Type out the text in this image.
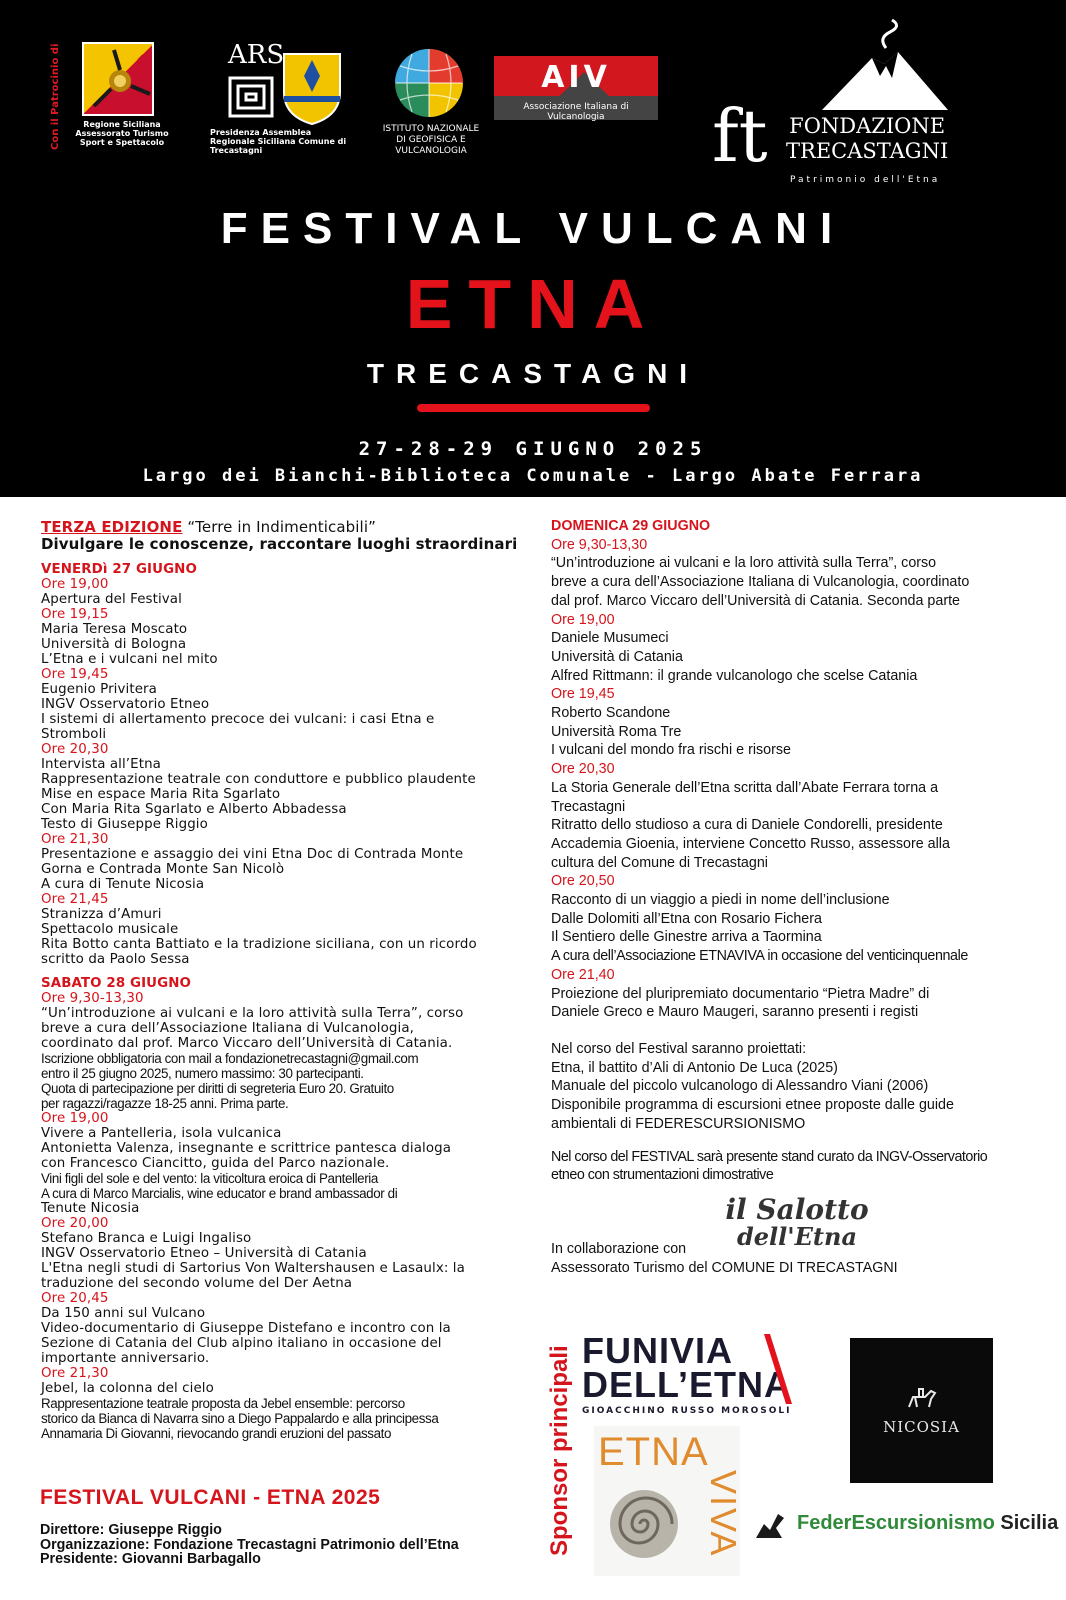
Con il Patrocinio di	Regione Siciliana
Assessorato Turismo
Sport e Spettacolo
ARS
Presidenza Assemblea
Regionale Siciliana Comune di Trecastagni
ISTITUTO NAZIONALE
DI GEOFISICA E VULCANOLOGIA
AIV
Associazione Italiana di Vulcanologia	ft FONDAZIONE
TRECASTAGNI
Patrimonio dell'Etna
FESTIVAL VULCANI
ETNA
TRECASTAGNI
27-28-29 GIUGNO 2025
Largo dei Bianchi-Biblioteca Comunale - Largo Abate Ferrara
TERZA EDIZIONE “Terre in Indimenticabili”
Divulgare le conoscenze, raccontare luoghi straordinari
VENERDì 27 GIUGNO
Ore 19,00
Apertura del Festival
Ore 19,15
Maria Teresa Moscato
Università di Bologna
L’Etna e i vulcani nel mito
Ore 19,45
Eugenio Privitera
INGV Osservatorio Etneo
I sistemi di allertamento precoce dei vulcani: i casi Etna e
Stromboli
Ore 20,30
Intervista all’Etna
Rappresentazione teatrale con conduttore e pubblico plaudente
Mise en espace Maria Rita Sgarlato
Con Maria Rita Sgarlato e Alberto Abbadessa
Testo di Giuseppe Riggio
Ore 21,30
Presentazione e assaggio dei vini Etna Doc di Contrada Monte
Gorna e Contrada Monte San Nicolò
A cura di Tenute Nicosia
Ore 21,45
Stranizza d’Amuri
Spettacolo musicale
Rita Botto canta Battiato e la tradizione siciliana, con un ricordo
scritto da Paolo Sessa
SABATO 28 GIUGNO
Ore 9,30-13,30
“Un’introduzione ai vulcani e la loro attività sulla Terra”, corso
breve a cura dell’Associazione Italiana di Vulcanologia,
coordinato dal prof. Marco Viccaro dell’Università di Catania.
Iscrizione obbligatoria con mail a fondazionetrecastagni@gmail.com
entro il 25 giugno 2025, numero massimo: 30 partecipanti.
Quota di partecipazione per diritti di segreteria Euro 20. Gratuito
per ragazzi/ragazze 18-25 anni. Prima parte.
Ore 19,00
Vivere a Pantelleria, isola vulcanica
Antonietta Valenza, insegnante e scrittrice pantesca dialoga
con Francesco Ciancitto, guida del Parco nazionale.
Vini figli del sole e del vento: la viticoltura eroica di Pantelleria
A cura di Marco Marcialis, wine educator e brand ambassador di
Tenute Nicosia
Ore 20,00
Stefano Branca e Luigi Ingaliso
INGV Osservatorio Etneo – Università di Catania
L'Etna negli studi di Sartorius Von Waltershausen e Lasaulx: la
traduzione del secondo volume del Der Aetna
Ore 20,45
Da 150 anni sul Vulcano
Video-documentario di Giuseppe Distefano e incontro con la
Sezione di Catania del Club alpino italiano in occasione del
importante anniversario.
Ore 21,30
Jebel, la colonna del cielo
Rappresentazione teatrale proposta da Jebel ensemble: percorso
storico da Bianca di Navarra sino a Diego Pappalardo e alla principessa
Annamaria Di Giovanni, rievocando grandi eruzioni del passato
DOMENICA 29 GIUGNO
Ore 9,30-13,30
“Un’introduzione ai vulcani e la loro attività sulla Terra”, corso
breve a cura dell’Associazione Italiana di Vulcanologia, coordinato
dal prof. Marco Viccaro dell’Università di Catania. Seconda parte
Ore 19,00
Daniele Musumeci
Università di Catania
Alfred Rittmann: il grande vulcanologo che scelse Catania
Ore 19,45
Roberto Scandone
Università Roma Tre
I vulcani del mondo fra rischi e risorse
Ore 20,30
La Storia Generale dell’Etna scritta dall’Abate Ferrara torna a
Trecastagni
Ritratto dello studioso a cura di Daniele Condorelli, presidente
Accademia Gioenia, interviene Concetto Russo, assessore alla
cultura del Comune di Trecastagni
Ore 20,50
Racconto di un viaggio a piedi in nome dell’inclusione
Dalle Dolomiti all’Etna con Rosario Fichera
Il Sentiero delle Ginestre arriva a Taormina
A cura dell’Associazione ETNAVIVA in occasione del venticinquennale
Ore 21,40
Proiezione del pluripremiato documentario “Pietra Madre” di
Daniele Greco e Mauro Maugeri, saranno presenti i registi
Nel corso del Festival saranno proiettati:
Etna, il battito d’Ali di Antonio De Luca (2025)
Manuale del piccolo vulcanologo di Alessandro Viani (2006)
Disponibile programma di escursioni etnee proposte dalle guide
ambientali di FEDERESCURSIONISMO
Nel corso del FESTIVAL sarà presente stand curato da INGV-Osservatorio
etneo con strumentazioni dimostrative
il Salotto
dell'Etna
In collaborazione con
Assessorato Turismo del COMUNE DI TRECASTAGNI
FESTIVAL VULCANI - ETNA 2025
Direttore: Giuseppe Riggio
Organizzazione: Fondazione Trecastagni Patrimonio dell’Etna
Presidente: Giovanni Barbagallo
Sponsor principali FUNIVIA
DELL’ETNA
GIOACCHINO RUSSO MOROSOLI
NICOSIA
ETNA
VIVA	FederEscursionismo Sicilia
